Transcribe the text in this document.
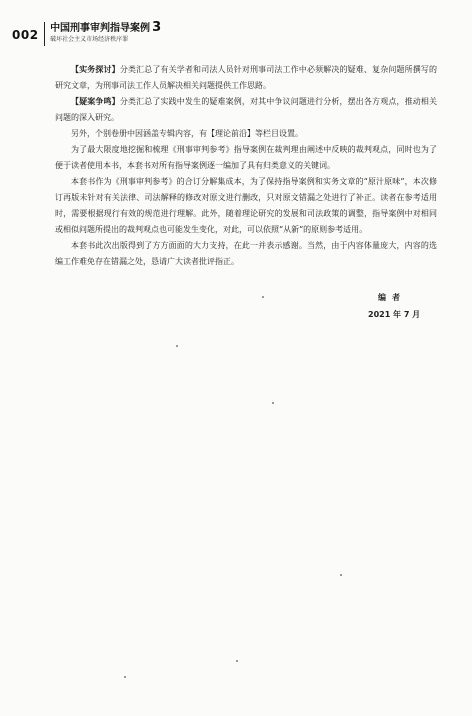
002 中国刑事审判指导案例 3
破坏社会主义市场经济秩序罪

【实务探讨】分类汇总了有关学者和司法人员针对刑事司法工作中必须解决的疑难、复杂问题所撰写的研究文章，为刑事司法工作人员解决相关问题提供工作思路。

【疑案争鸣】分类汇总了实践中发生的疑难案例，对其中争议问题进行分析，摆出各方观点，推动相关问题的深入研究。

另外，个别卷册中因涵盖专辑内容，有【理论前沿】等栏目设置。

为了最大限度地挖掘和梳理《刑事审判参考》指导案例在裁判理由阐述中反映的裁判观点，同时也为了便于读者使用本书，本套书对所有指导案例逐一编加了具有归类意义的关键词。

本套书作为《刑事审判参考》的合订分解集成本，为了保持指导案例和实务文章的“原汁原味”，本次修订再版未针对有关法律、司法解释的修改对原文进行删改，只对原文错漏之处进行了补正。读者在参考适用时，需要根据现行有效的规范进行理解。此外，随着理论研究的发展和司法政策的调整，指导案例中对相同或相似问题所提出的裁判观点也可能发生变化，对此，可以依照“从新”的原则参考适用。

本套书此次出版得到了方方面面的大力支持，在此一并表示感谢。当然，由于内容体量庞大，内容的选编工作难免存在错漏之处，恳请广大读者批评指正。

编者
2021 年 7 月
